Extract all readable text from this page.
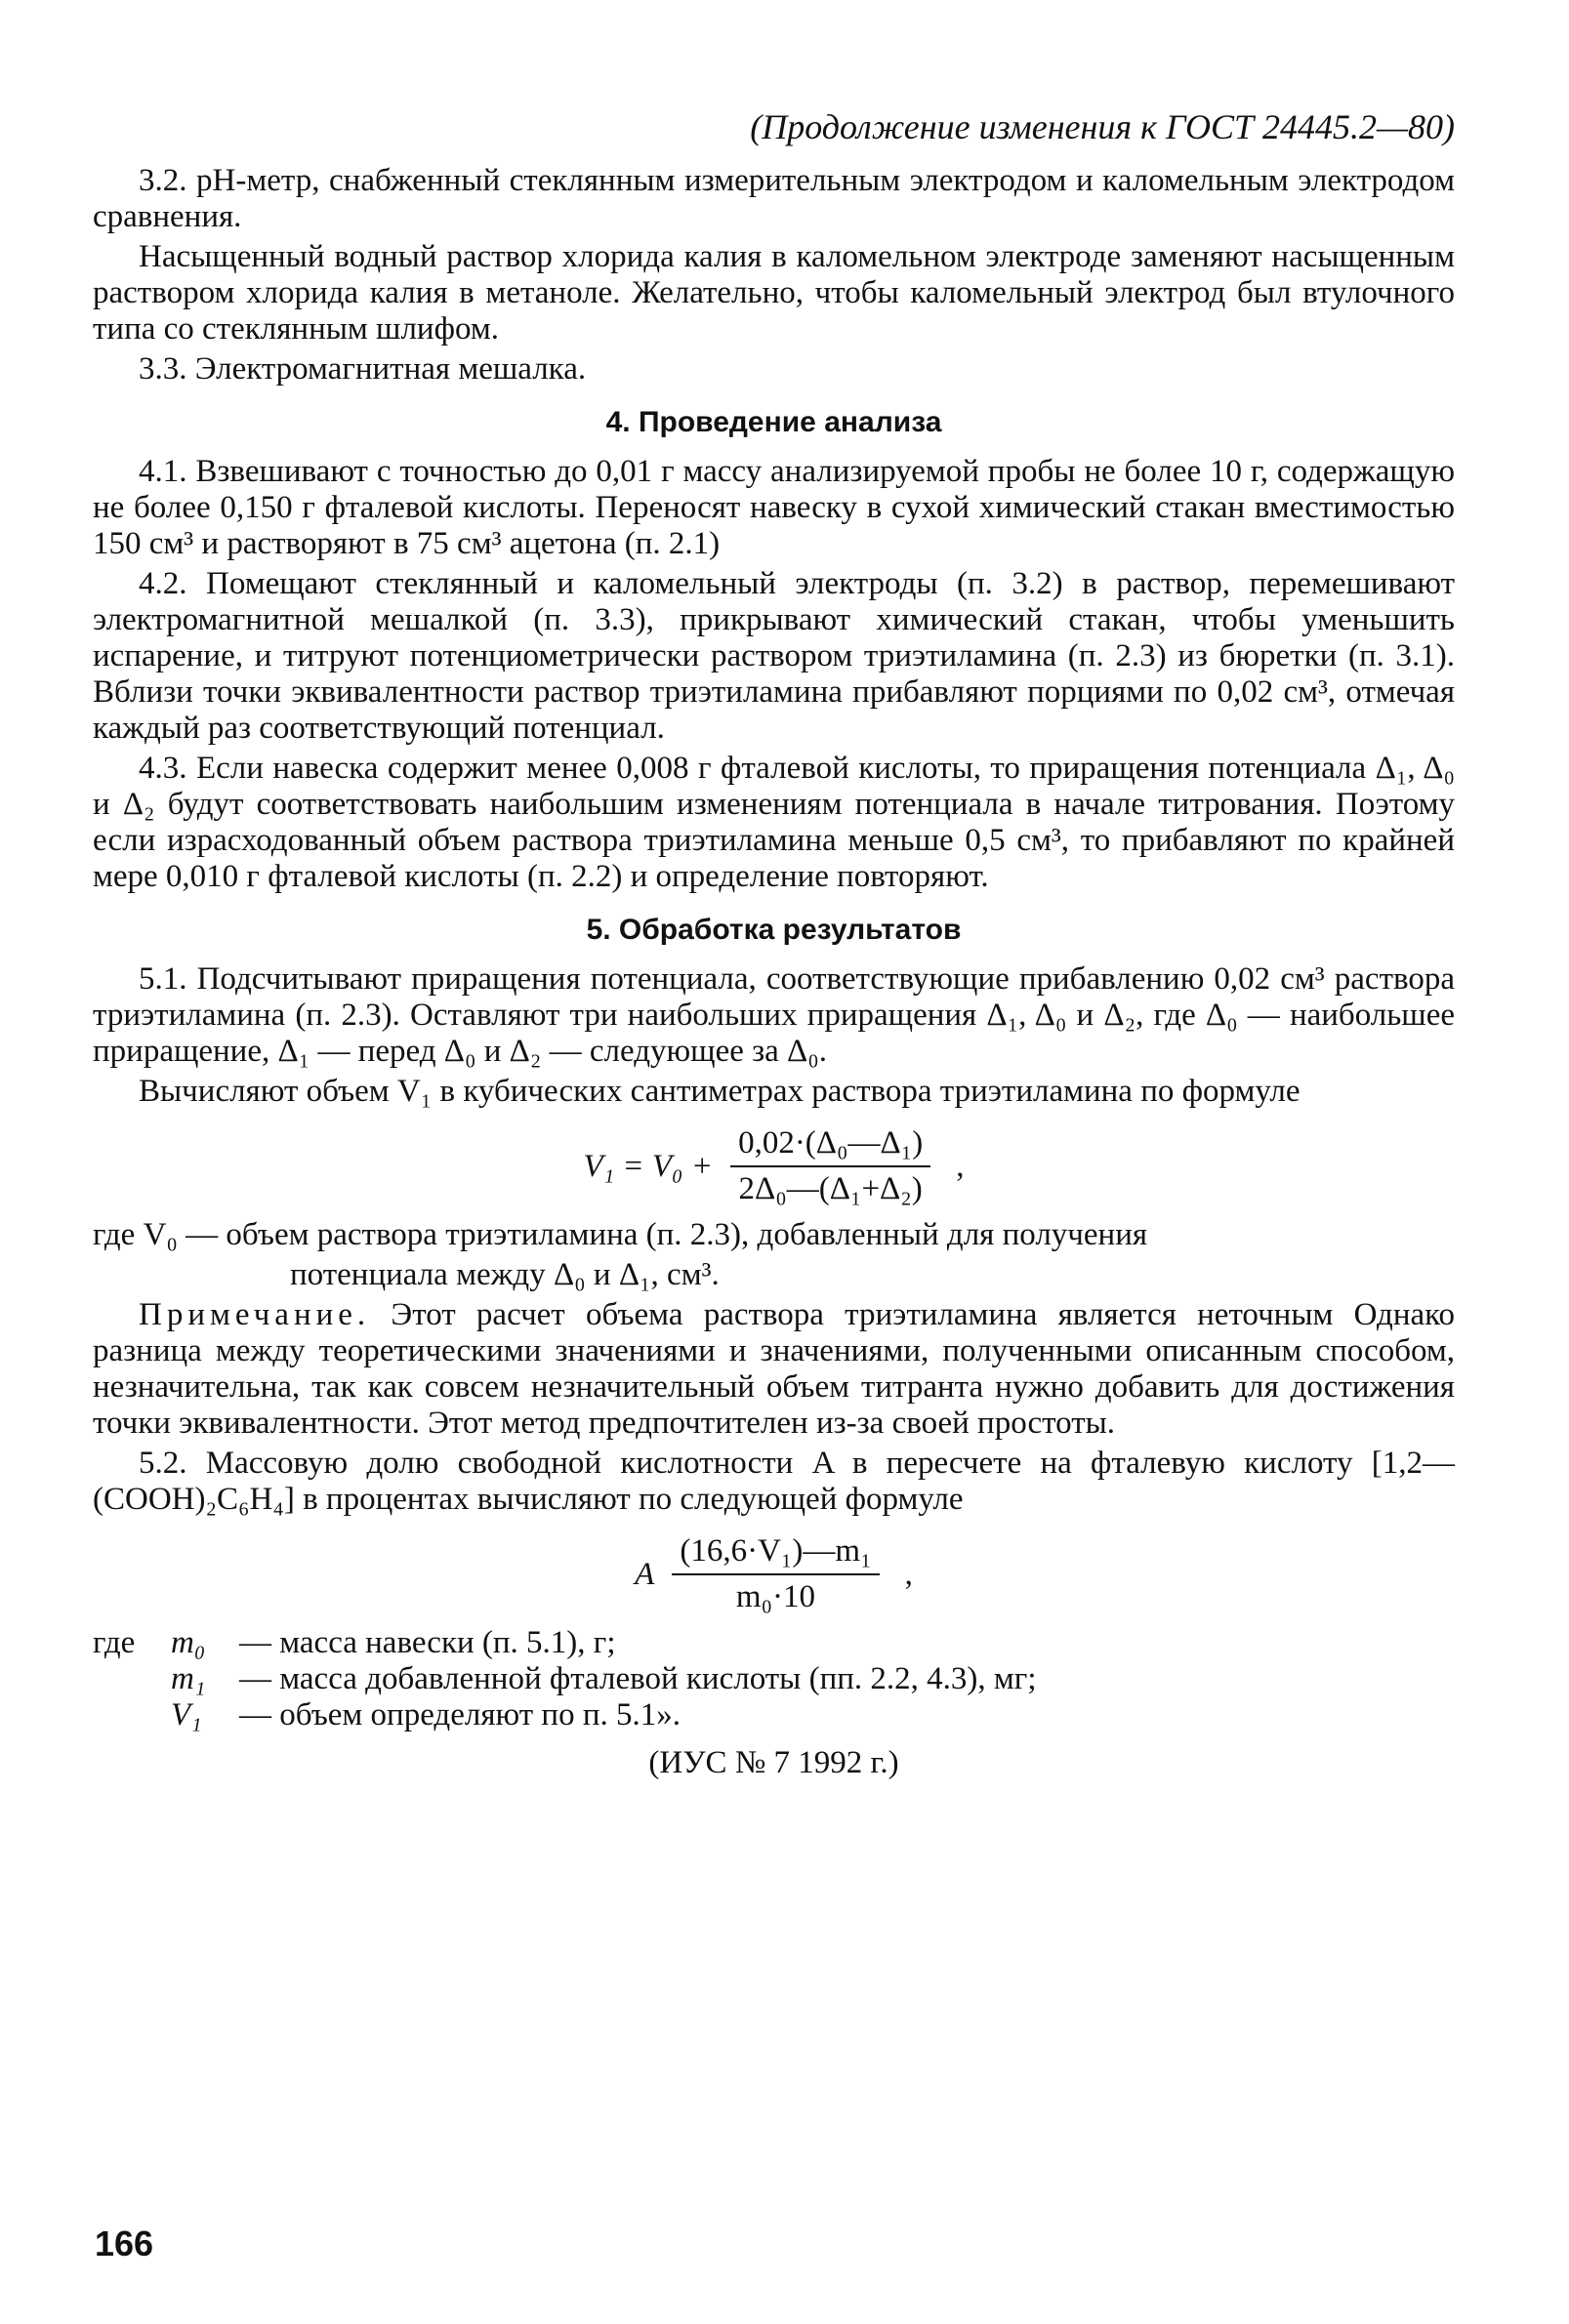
(Продолжение изменения к ГОСТ 24445.2—80)

3.2. pH-метр, снабженный стеклянным измерительным электродом и каломельным электродом сравнения.

Насыщенный водный раствор хлорида калия в каломельном электроде заменяют насыщенным раствором хлорида калия в метаноле. Желательно, чтобы каломельный электрод был втулочного типа со стеклянным шлифом.

3.3. Электромагнитная мешалка.

4. Проведение анализа

4.1. Взвешивают с точностью до 0,01 г массу анализируемой пробы не более 10 г, содержащую не более 0,150 г фталевой кислоты. Переносят навеску в сухой химический стакан вместимостью 150 см³ и растворяют в 75 см³ ацетона (п. 2.1)

4.2. Помещают стеклянный и каломельный электроды (п. 3.2) в раствор, перемешивают электромагнитной мешалкой (п. 3.3), прикрывают химический стакан, чтобы уменьшить испарение, и титруют потенциометрически раствором триэтиламина (п. 2.3) из бюретки (п. 3.1). Вблизи точки эквивалентности раствор триэтиламина прибавляют порциями по 0,02 см³, отмечая каждый раз соответствующий потенциал.

4.3. Если навеска содержит менее 0,008 г фталевой кислоты, то приращения потенциала Δ₁, Δ₀ и Δ₂ будут соответствовать наибольшим изменениям потенциала в начале титрования. Поэтому если израсходованный объем раствора триэтиламина меньше 0,5 см³, то прибавляют по крайней мере 0,010 г фталевой кислоты (п. 2.2) и определение повторяют.

5. Обработка результатов

5.1. Подсчитывают приращения потенциала, соответствующие прибавлению 0,02 см³ раствора триэтиламина (п. 2.3). Оставляют три наибольших приращения Δ₁, Δ₀ и Δ₂, где Δ₀ — наибольшее приращение, Δ₁ — перед Δ₀ и Δ₂ — следующее за Δ₀.

Вычисляют объем V₁ в кубических сантиметрах раствора триэтиламина по формуле

$V_1 = V_0 + \frac{\text{0,02·(Δ₀—Δ₁)}}{\text{2Δ₀—(Δ₁+Δ₂)}}$ ,

где V₀ — объем раствора триэтиламина (п. 2.3), добавленный для получения

потенциала между Δ₀ и Δ₁, см³.

Примечание. Этот расчет объема раствора триэтиламина является неточным Однако разница между теоретическими значениями и значениями, полученными описанным способом, незначительна, так как совсем незначительный объем титранта нужно добавить для достижения точки эквивалентности. Этот метод предпочтителен из-за своей простоты.

5.2. Массовую долю свободной кислотности A в пересчете на фталевую кислоту [1,2—(COOH)₂C₆H₄] в процентах вычисляют по следующей формуле

A $\frac{\text{(16,6·V₁)—m₁}}{\text{m₀·10}}$ ,
где	m₀	— масса навески (п. 5.1), г;
m₁	— масса добавленной фталевой кислоты (пп. 2.2, 4.3), мг;
V₁	— объем определяют по п. 5.1».
(ИУС № 7 1992 г.)
166
